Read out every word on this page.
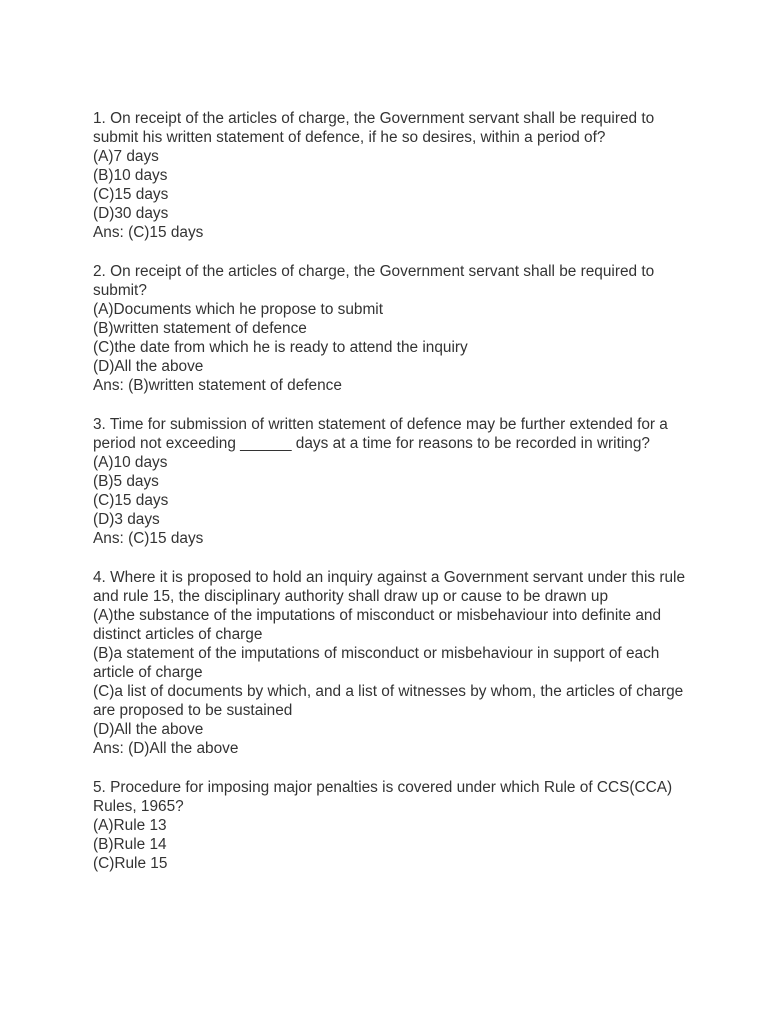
1. On receipt of the articles of charge, the Government servant shall be required to submit his written statement of defence, if he so desires, within a period of?

(A)7 days

(B)10 days

(C)15 days

(D)30 days

Ans: (C)15 days

2. On receipt of the articles of charge, the Government servant shall be required to submit?

(A)Documents which he propose to submit

(B)written statement of defence

(C)the date from which he is ready to attend the inquiry

(D)All the above

Ans: (B)written statement of defence

3. Time for submission of written statement of defence may be further extended for a period not exceeding ______ days at a time for reasons to be recorded in writing?

(A)10 days

(B)5 days

(C)15 days

(D)3 days

Ans: (C)15 days

4. Where it is proposed to hold an inquiry against a Government servant under this rule and rule 15, the disciplinary authority shall draw up or cause to be drawn up

(A)the substance of the imputations of misconduct or misbehaviour into definite and distinct articles of charge

(B)a statement of the imputations of misconduct or misbehaviour in support of each article of charge

(C)a list of documents by which, and a list of witnesses by whom, the articles of charge are proposed to be sustained

(D)All the above

Ans: (D)All the above

5. Procedure for imposing major penalties is covered under which Rule of CCS(CCA) Rules, 1965?

(A)Rule 13

(B)Rule 14

(C)Rule 15
